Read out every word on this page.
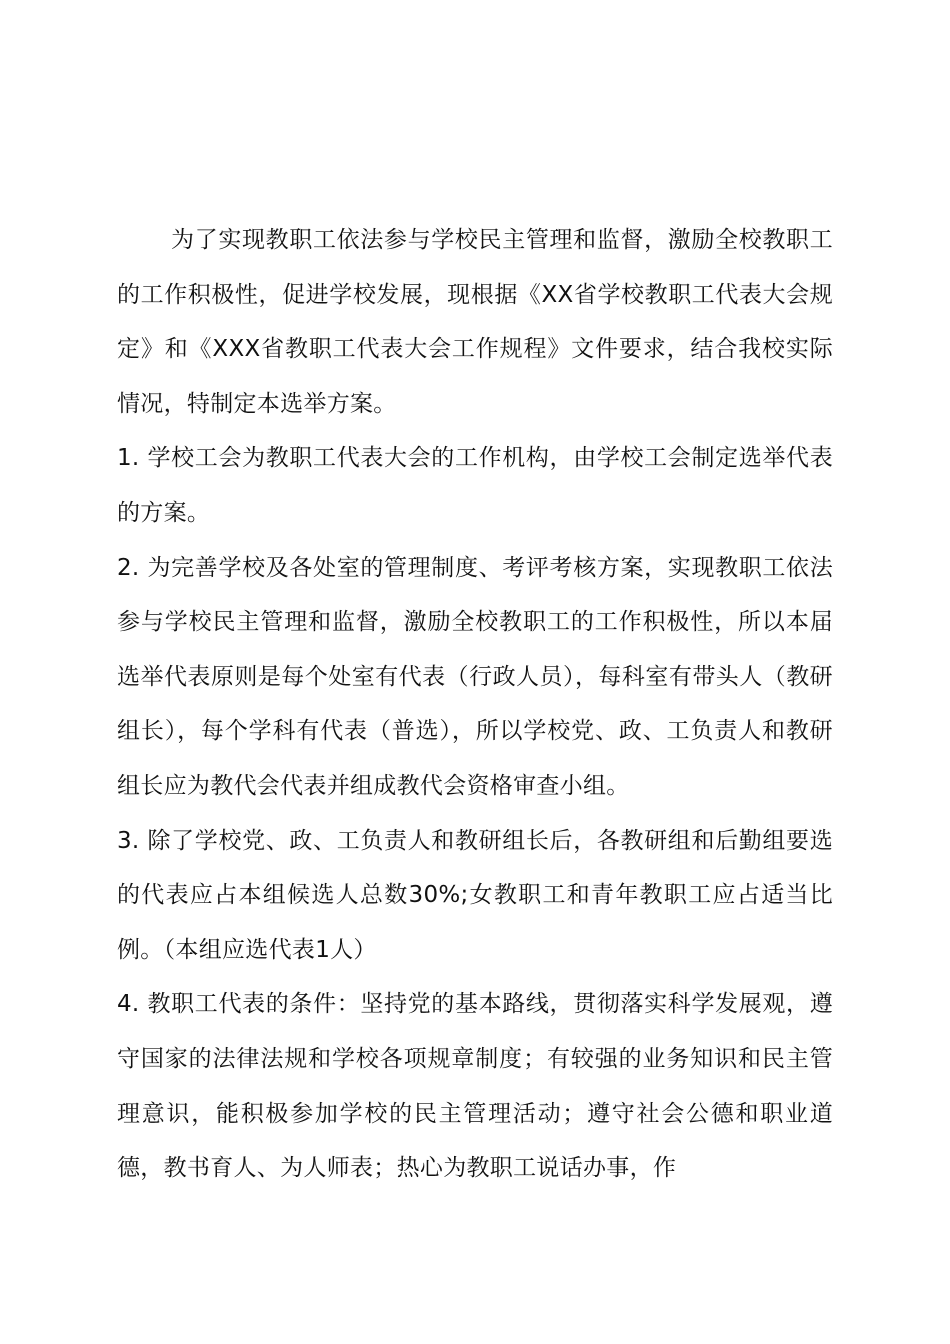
为了实现教职工依法参与学校民主管理和监督，激励全校教职工的工作积极性，促进学校发展，现根据《XX省学校教职工代表大会规定》和《XXX省教职工代表大会工作规程》文件要求，结合我校实际情况，特制定本选举方案。

1. 学校工会为教职工代表大会的工作机构，由学校工会制定选举代表的方案。

2. 为完善学校及各处室的管理制度、考评考核方案，实现教职工依法参与学校民主管理和监督，激励全校教职工的工作积极性，所以本届选举代表原则是每个处室有代表（行政人员），每科室有带头人（教研组长），每个学科有代表（普选），所以学校党、政、工负责人和教研组长应为教代会代表并组成教代会资格审查小组。

3. 除了学校党、政、工负责人和教研组长后，各教研组和后勤组要选的代表应占本组候选人总数30%;女教职工和青年教职工应占适当比例。（本组应选代表1人）

4. 教职工代表的条件：坚持党的基本路线，贯彻落实科学发展观，遵守国家的法律法规和学校各项规章制度；有较强的业务知识和民主管理意识，能积极参加学校的民主管理活动；遵守社会公德和职业道德，教书育人、为人师表；热心为教职工说话办事，作
